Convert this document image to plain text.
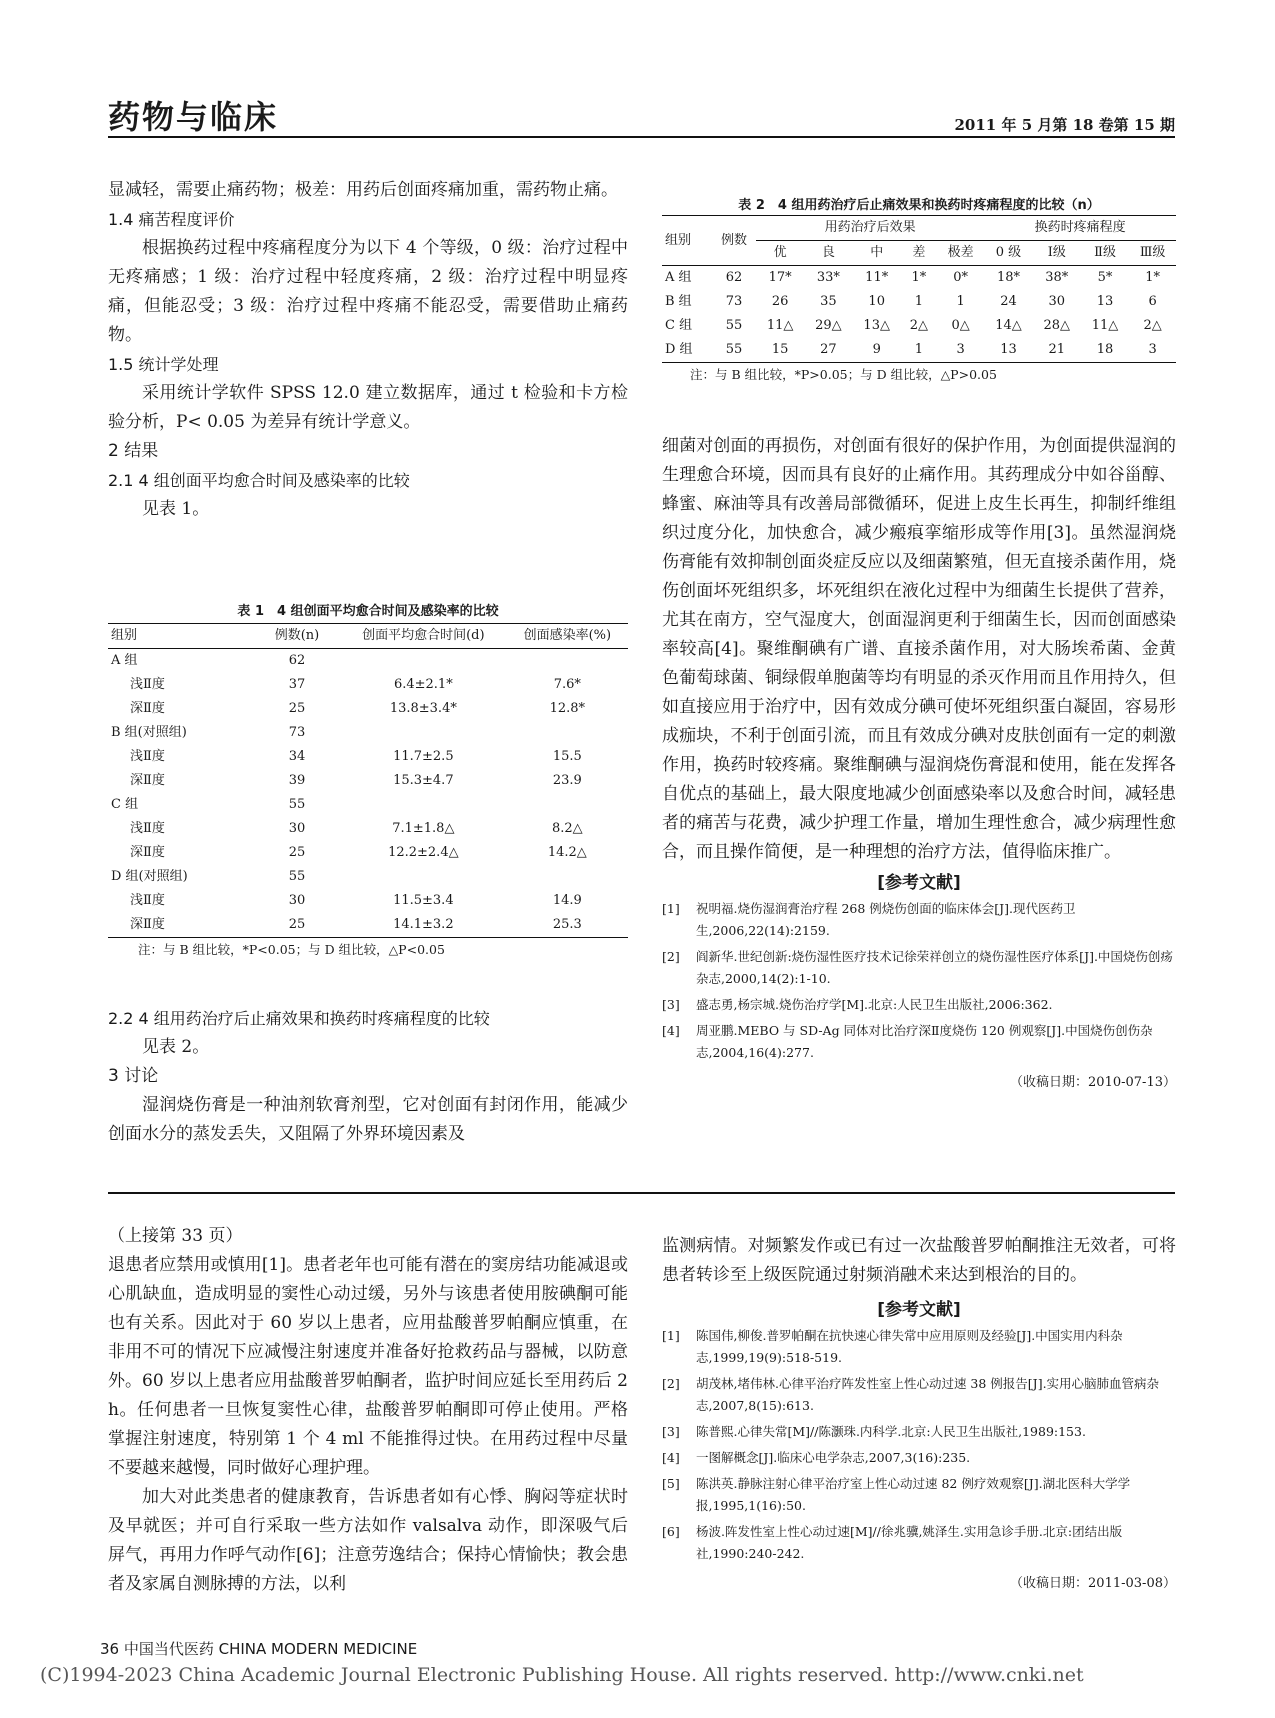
药物与临床	2011 年 5 月第 18 卷第 15 期

显减轻，需要止痛药物；极差：用药后创面疼痛加重，需药物止痛。

1.4 痛苦程度评价

根据换药过程中疼痛程度分为以下 4 个等级，0 级：治疗过程中无疼痛感；1 级：治疗过程中轻度疼痛，2 级：治疗过程中明显疼痛，但能忍受；3 级：治疗过程中疼痛不能忍受，需要借助止痛药物。

1.5 统计学处理

采用统计学软件 SPSS 12.0 建立数据库，通过 t 检验和卡方检验分析，P< 0.05 为差异有统计学意义。

2 结果

2.1 4 组创面平均愈合时间及感染率的比较

见表 1。

表 1　4 组创面平均愈合时间及感染率的比较
组别	例数(n)	创面平均愈合时间(d)	创面感染率(%)
A 组	62		
浅Ⅱ度	37	6.4±2.1*	7.6*
深Ⅱ度	25	13.8±3.4*	12.8*
B 组(对照组)	73		
浅Ⅱ度	34	11.7±2.5	15.5
深Ⅱ度	39	15.3±4.7	23.9
C 组	55		
浅Ⅱ度	30	7.1±1.8△	8.2△
深Ⅱ度	25	12.2±2.4△	14.2△
D 组(对照组)	55		
浅Ⅱ度	30	11.5±3.4	14.9
深Ⅱ度	25	14.1±3.2	25.3
注：与 B 组比较，*P<0.05；与 D 组比较，△P<0.05

2.2 4 组用药治疗后止痛效果和换药时疼痛程度的比较

见表 2。

3 讨论

湿润烧伤膏是一种油剂软膏剂型，它对创面有封闭作用，能减少创面水分的蒸发丢失，又阻隔了外界环境因素及

表 2　4 组用药治疗后止痛效果和换药时疼痛程度的比较（n）
组别	例数	用药治疗后效果					换药时疼痛程度			
		优	良	中	差	极差	0 级	Ⅰ级	Ⅱ级	Ⅲ级
A 组	62	17*	33*	11*	1*	0*	18*	38*	5*	1*
B 组	73	26	35	10	1	1	24	30	13	6
C 组	55	11△	29△	13△	2△	0△	14△	28△	11△	2△
D 组	55	15	27	9	1	3	13	21	18	3
注：与 B 组比较，*P>0.05；与 D 组比较，△P>0.05

细菌对创面的再损伤，对创面有很好的保护作用，为创面提供湿润的生理愈合环境，因而具有良好的止痛作用。其药理成分中如谷甾醇、蜂蜜、麻油等具有改善局部微循环，促进上皮生长再生，抑制纤维组织过度分化，加快愈合，减少瘢痕挛缩形成等作用[3]。虽然湿润烧伤膏能有效抑制创面炎症反应以及细菌繁殖，但无直接杀菌作用，烧伤创面坏死组织多，坏死组织在液化过程中为细菌生长提供了营养，尤其在南方，空气湿度大，创面湿润更利于细菌生长，因而创面感染率较高[4]。聚维酮碘有广谱、直接杀菌作用，对大肠埃希菌、金黄色葡萄球菌、铜绿假单胞菌等均有明显的杀灭作用而且作用持久，但如直接应用于治疗中，因有效成分碘可使坏死组织蛋白凝固，容易形成痂块，不利于创面引流，而且有效成分碘对皮肤创面有一定的刺激作用，换药时较疼痛。聚维酮碘与湿润烧伤膏混和使用，能在发挥各自优点的基础上，最大限度地减少创面感染率以及愈合时间，减轻患者的痛苦与花费，减少护理工作量，增加生理性愈合，减少病理性愈合，而且操作简便，是一种理想的治疗方法，值得临床推广。

[参考文献]
[1]	祝明福.烧伤湿润膏治疗程 268 例烧伤创面的临床体会[J].现代医药卫生,2006,22(14):2159.
[2]	阎新华.世纪创新:烧伤湿性医疗技术记徐荣祥创立的烧伤湿性医疗体系[J].中国烧伤创疡杂志,2000,14(2):1-10.
[3]	盛志勇,杨宗城.烧伤治疗学[M].北京:人民卫生出版社,2006:362.
[4]	周亚鹏.MEBO 与 SD-Ag 同体对比治疗深Ⅱ度烧伤 120 例观察[J].中国烧伤创伤杂志,2004,16(4):277.
（收稿日期：2010-07-13）

（上接第 33 页）

退患者应禁用或慎用[1]。患者老年也可能有潜在的窦房结功能减退或心肌缺血，造成明显的窦性心动过缓，另外与该患者使用胺碘酮可能也有关系。因此对于 60 岁以上患者，应用盐酸普罗帕酮应慎重，在非用不可的情况下应减慢注射速度并准备好抢救药品与器械，以防意外。60 岁以上患者应用盐酸普罗帕酮者，监护时间应延长至用药后 2 h。任何患者一旦恢复窦性心律，盐酸普罗帕酮即可停止使用。严格掌握注射速度，特别第 1 个 4 ml 不能推得过快。在用药过程中尽量不要越来越慢，同时做好心理护理。

加大对此类患者的健康教育，告诉患者如有心悸、胸闷等症状时及早就医；并可自行采取一些方法如作 valsalva 动作，即深吸气后屏气，再用力作呼气动作[6]；注意劳逸结合；保持心情愉快；教会患者及家属自测脉搏的方法，以利

监测病情。对频繁发作或已有过一次盐酸普罗帕酮推注无效者，可将患者转诊至上级医院通过射频消融术来达到根治的目的。

[参考文献]
[1]	陈国伟,柳俊.普罗帕酮在抗快速心律失常中应用原则及经验[J].中国实用内科杂志,1999,19(9):518-519.
[2]	胡茂林,堵伟林.心律平治疗阵发性室上性心动过速 38 例报告[J].实用心脑肺血管病杂志,2007,8(15):613.
[3]	陈普熙.心律失常[M]//陈灏珠.内科学.北京:人民卫生出版社,1989:153.
[4]	一图解概念[J].临床心电学杂志,2007,3(16):235.
[5]	陈洪英.静脉注射心律平治疗室上性心动过速 82 例疗效观察[J].湖北医科大学学报,1995,1(16):50.
[6]	杨波.阵发性室上性心动过速[M]//徐兆骥,姚泽生.实用急诊手册.北京:团结出版社,1990:240-242.
（收稿日期：2011-03-08）
36 中国当代医药 CHINA MODERN MEDICINE
(C)1994-2023 China Academic Journal Electronic Publishing House. All rights reserved. http://www.cnki.net
